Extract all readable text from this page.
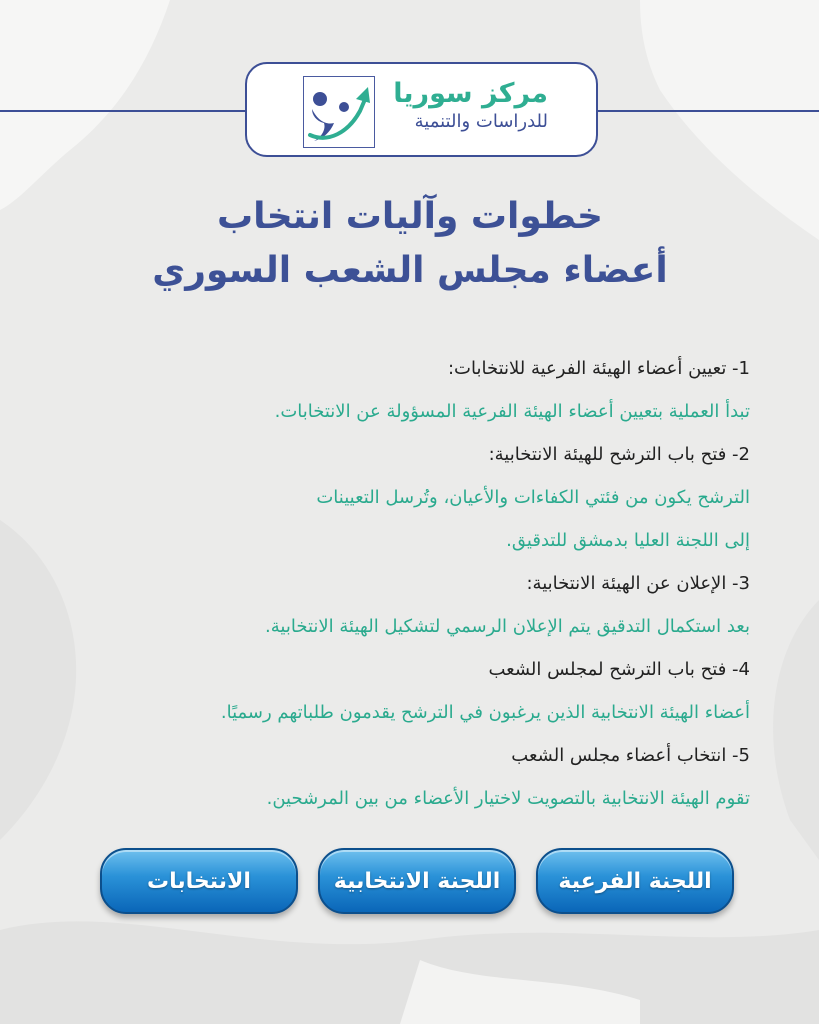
مركز سوريا
للدراسات والتنمية
خطوات وآليات انتخاب
أعضاء مجلس الشعب السوري
1- تعيين أعضاء الهيئة الفرعية للانتخابات:
تبدأ العملية بتعيين أعضاء الهيئة الفرعية المسؤولة عن الانتخابات.
2- فتح باب الترشح للهيئة الانتخابية:
الترشح يكون من فئتي الكفاءات والأعيان، وتُرسل التعيينات
إلى اللجنة العليا بدمشق للتدقيق.
3- الإعلان عن الهيئة الانتخابية:
بعد استكمال التدقيق يتم الإعلان الرسمي لتشكيل الهيئة الانتخابية.
4- فتح باب الترشح لمجلس الشعب
أعضاء الهيئة الانتخابية الذين يرغبون في الترشح يقدمون طلباتهم رسميًا.
5- انتخاب أعضاء مجلس الشعب
تقوم الهيئة الانتخابية بالتصويت لاختيار الأعضاء من بين المرشحين.
اللجنة الفرعية
اللجنة الانتخابية
الانتخابات
